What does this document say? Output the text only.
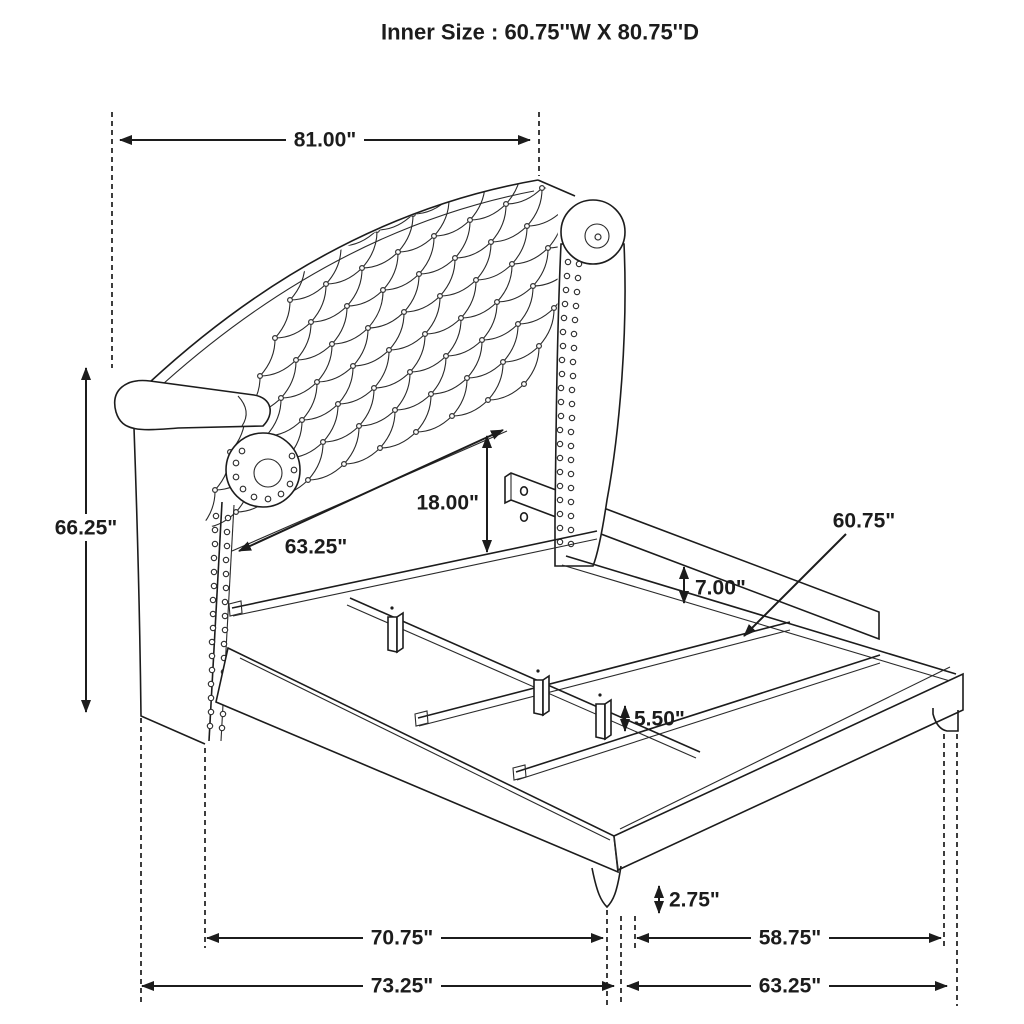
Inner Size : 60.75''W X 80.75''D
81.00"
66.25"
63.25"
18.00"
7.00"
60.75"
5.50"
2.75"
70.75"	58.75"
73.25"	63.25"
